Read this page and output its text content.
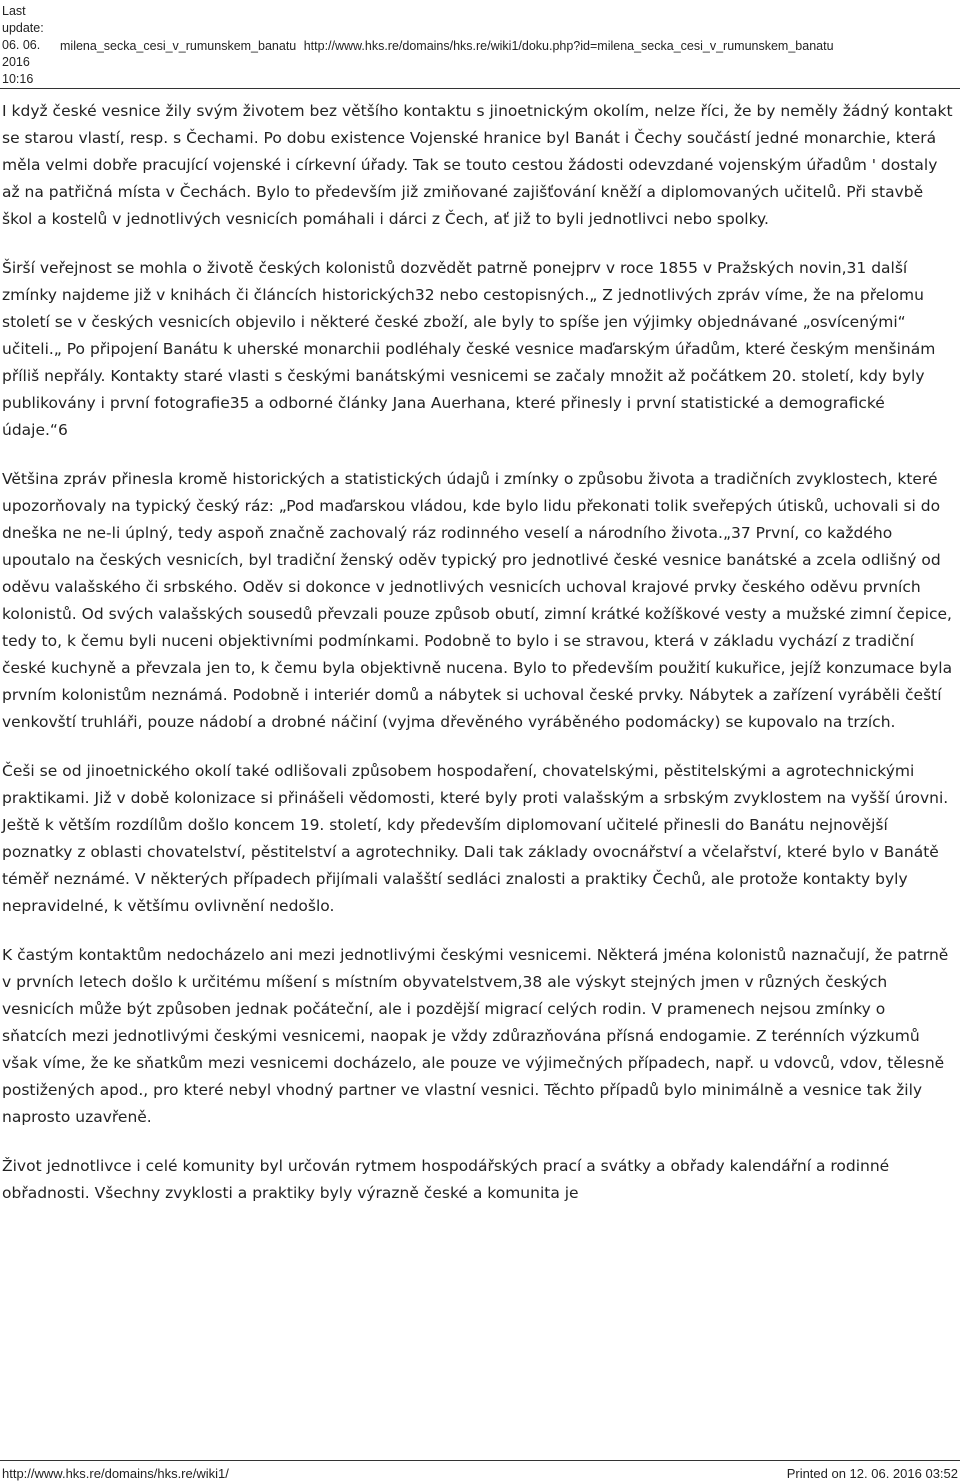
Last
update:
06. 06.
2016
10:16
milena_secka_cesi_v_rumunskem_banatu http://www.hks.re/domains/hks.re/wiki1/doku.php?id=milena_secka_cesi_v_rumunskem_banatu

I když české vesnice žily svým životem bez většího kontaktu s jinoetnickým okolím, nelze říci, že by neměly žádný kontakt se starou vlastí, resp. s Čechami. Po dobu existence Vojenské hranice byl Banát i Čechy součástí jedné monarchie, která měla velmi dobře pracující vojenské i církevní úřady. Tak se touto cestou žádosti odevzdané vojenským úřadům ' dostaly až na patřičná místa v Čechách. Bylo to především již zmiňované zajišťování kněží a diplomovaných učitelů. Při stavbě škol a kostelů v jednotlivých vesnicích pomáhali i dárci z Čech, ať již to byli jednotlivci nebo spolky.

Širší veřejnost se mohla o životě českých kolonistů dozvědět patrně ponejprv v roce 1855 v Pražských novin,31 další zmínky najdeme již v knihách či článcích historických32 nebo cestopisných.„ Z jednotlivých zpráv víme, že na přelomu století se v českých vesnicích objevilo i některé české zboží, ale byly to spíše jen výjimky objednávané „osvícenými“ učiteli.„ Po připojení Banátu k uherské monarchii podléhaly české vesnice maďarským úřadům, které českým menšinám příliš nepřály. Kontakty staré vlasti s českými banátskými vesnicemi se začaly množit až počátkem 20. století, kdy byly publikovány i první fotografie35 a odborné články Jana Auerhana, které přinesly i první statistické a demografické údaje.“6

Většina zpráv přinesla kromě historických a statistických údajů i zmínky o způsobu života a tradičních zvyklostech, které upozorňovaly na typický český ráz: „Pod maďarskou vládou, kde bylo lidu překonati tolik sveřepých útisků, uchovali si do dneška ne ne-li úplný, tedy aspoň značně zachovalý ráz rodinného veselí a národního života.„37 První, co každého upoutalo na českých vesnicích, byl tradiční ženský oděv typický pro jednotlivé české vesnice banátské a zcela odlišný od oděvu valašského či srbského. Oděv si dokonce v jednotlivých vesnicích uchoval krajové prvky českého oděvu prvních kolonistů. Od svých valašských sousedů převzali pouze způsob obutí, zimní krátké kožíškové vesty a mužské zimní čepice, tedy to, k čemu byli nuceni objektivními podmínkami. Podobně to bylo i se stravou, která v základu vychází z tradiční české kuchyně a převzala jen to, k čemu byla objektivně nucena. Bylo to především použití kukuřice, jejíž konzumace byla prvním kolonistům neznámá. Podobně i interiér domů a nábytek si uchoval české prvky. Nábytek a zařízení vyráběli čeští venkovští truhláři, pouze nádobí a drobné náčiní (vyjma dřevěného vyráběného podomácky) se kupovalo na trzích.

Češi se od jinoetnického okolí také odlišovali způsobem hospodaření, chovatelskými, pěstitelskými a agrotechnickými praktikami. Již v době kolonizace si přinášeli vědomosti, které byly proti valašským a srbským zvyklostem na vyšší úrovni. Ještě k větším rozdílům došlo koncem 19. století, kdy především diplomovaní učitelé přinesli do Banátu nejnovější poznatky z oblasti chovatelství, pěstitelství a agrotechniky. Dali tak základy ovocnářství a včelařství, které bylo v Banátě téměř neznámé. V některých případech přijímali valašští sedláci znalosti a praktiky Čechů, ale protože kontakty byly nepravidelné, k většímu ovlivnění nedošlo.

K častým kontaktům nedocházelo ani mezi jednotlivými českými vesnicemi. Některá jména kolonistů naznačují, že patrně v prvních letech došlo k určitému míšení s místním obyvatelstvem,38 ale výskyt stejných jmen v různých českých vesnicích může být způsoben jednak počáteční, ale i pozdější migrací celých rodin. V pramenech nejsou zmínky o sňatcích mezi jednotlivými českými vesnicemi, naopak je vždy zdůrazňována přísná endogamie. Z terénních výzkumů však víme, že ke sňatkům mezi vesnicemi docházelo, ale pouze ve výjimečných případech, např. u vdovců, vdov, tělesně postižených apod., pro které nebyl vhodný partner ve vlastní vesnici. Těchto případů bylo minimálně a vesnice tak žily naprosto uzavřeně.

Život jednotlivce i celé komunity byl určován rytmem hospodářských prací a svátky a obřady kalendářní a rodinné obřadnosti. Všechny zvyklosti a praktiky byly výrazně české a komunita je

http://www.hks.re/domains/hks.re/wiki1/	Printed on 12. 06. 2016 03:52
